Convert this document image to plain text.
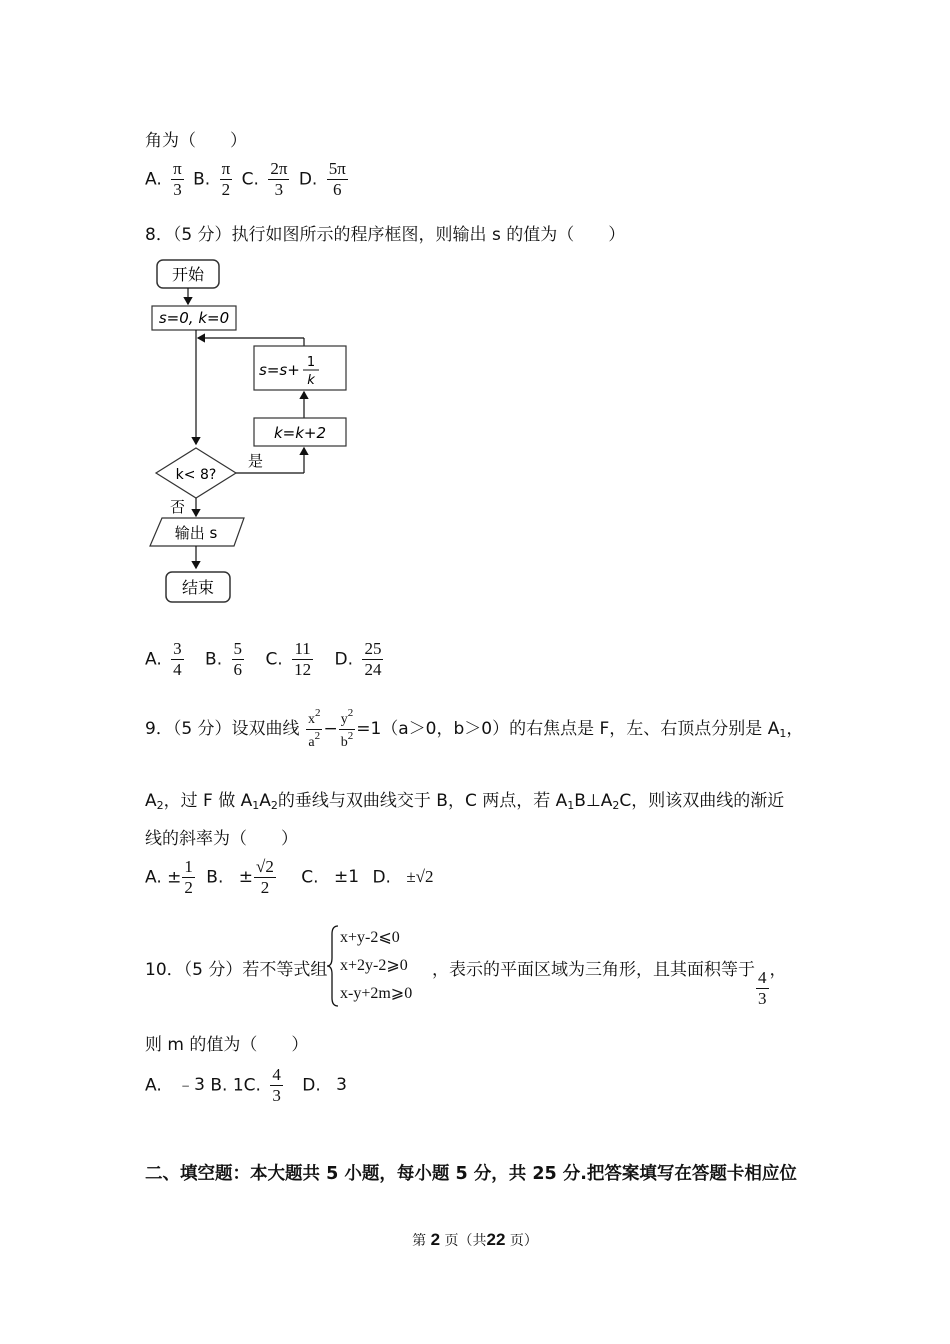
角为（　　）
A. $\frac{\pi}{3} B$. $\frac{\pi}{2} C$. $\frac{2\pi}{3} D$. $\frac{5\pi}{6}$
8．（5 分）执行如图所示的程序框图，则输出 s 的值为（　　）
开始
s=0, k=0
s=s+ 1
k
k=k+2
k< 8?
是
否
输出 s
结束
A. $\frac{3}{4} B$. $\frac{5}{6} C$. $\frac{11}{12} D$. $\frac{25}{24}$
9．（5 分）设双曲线 $\frac{x^2}{a^2} - \frac{y^2}{b^2} =1(a>0$，b＞0）的右焦点是 F，左、右顶点分别是 $A_1$，
$A_2$，过 F 做 $A_1A_2$的垂线与双曲线交于 B，C 两点，若 $A_1B\perp A_2C$，则该双曲线的渐近
线的斜率为（　　）
A. ± $\frac{1}{2} B$. ± $\frac{√2}{2} C$. ±1 D. ±√2
10．（5 分）若不等式组
x+y-2⩽0
x+2y-2⩾0
x-y+2m⩾0
，表示的平面区域为三角形，且其面积等于 $\frac{4}{3}$ ，
则 m 的值为（　　）
A. ﹣3 B. 1C. $\frac{4}{3} D$. 3
二、填空题：本大题共 5 小题，每小题 5 分，共 25 分.把答案填写在答题卡相应位
第 2 页（共22 页）
